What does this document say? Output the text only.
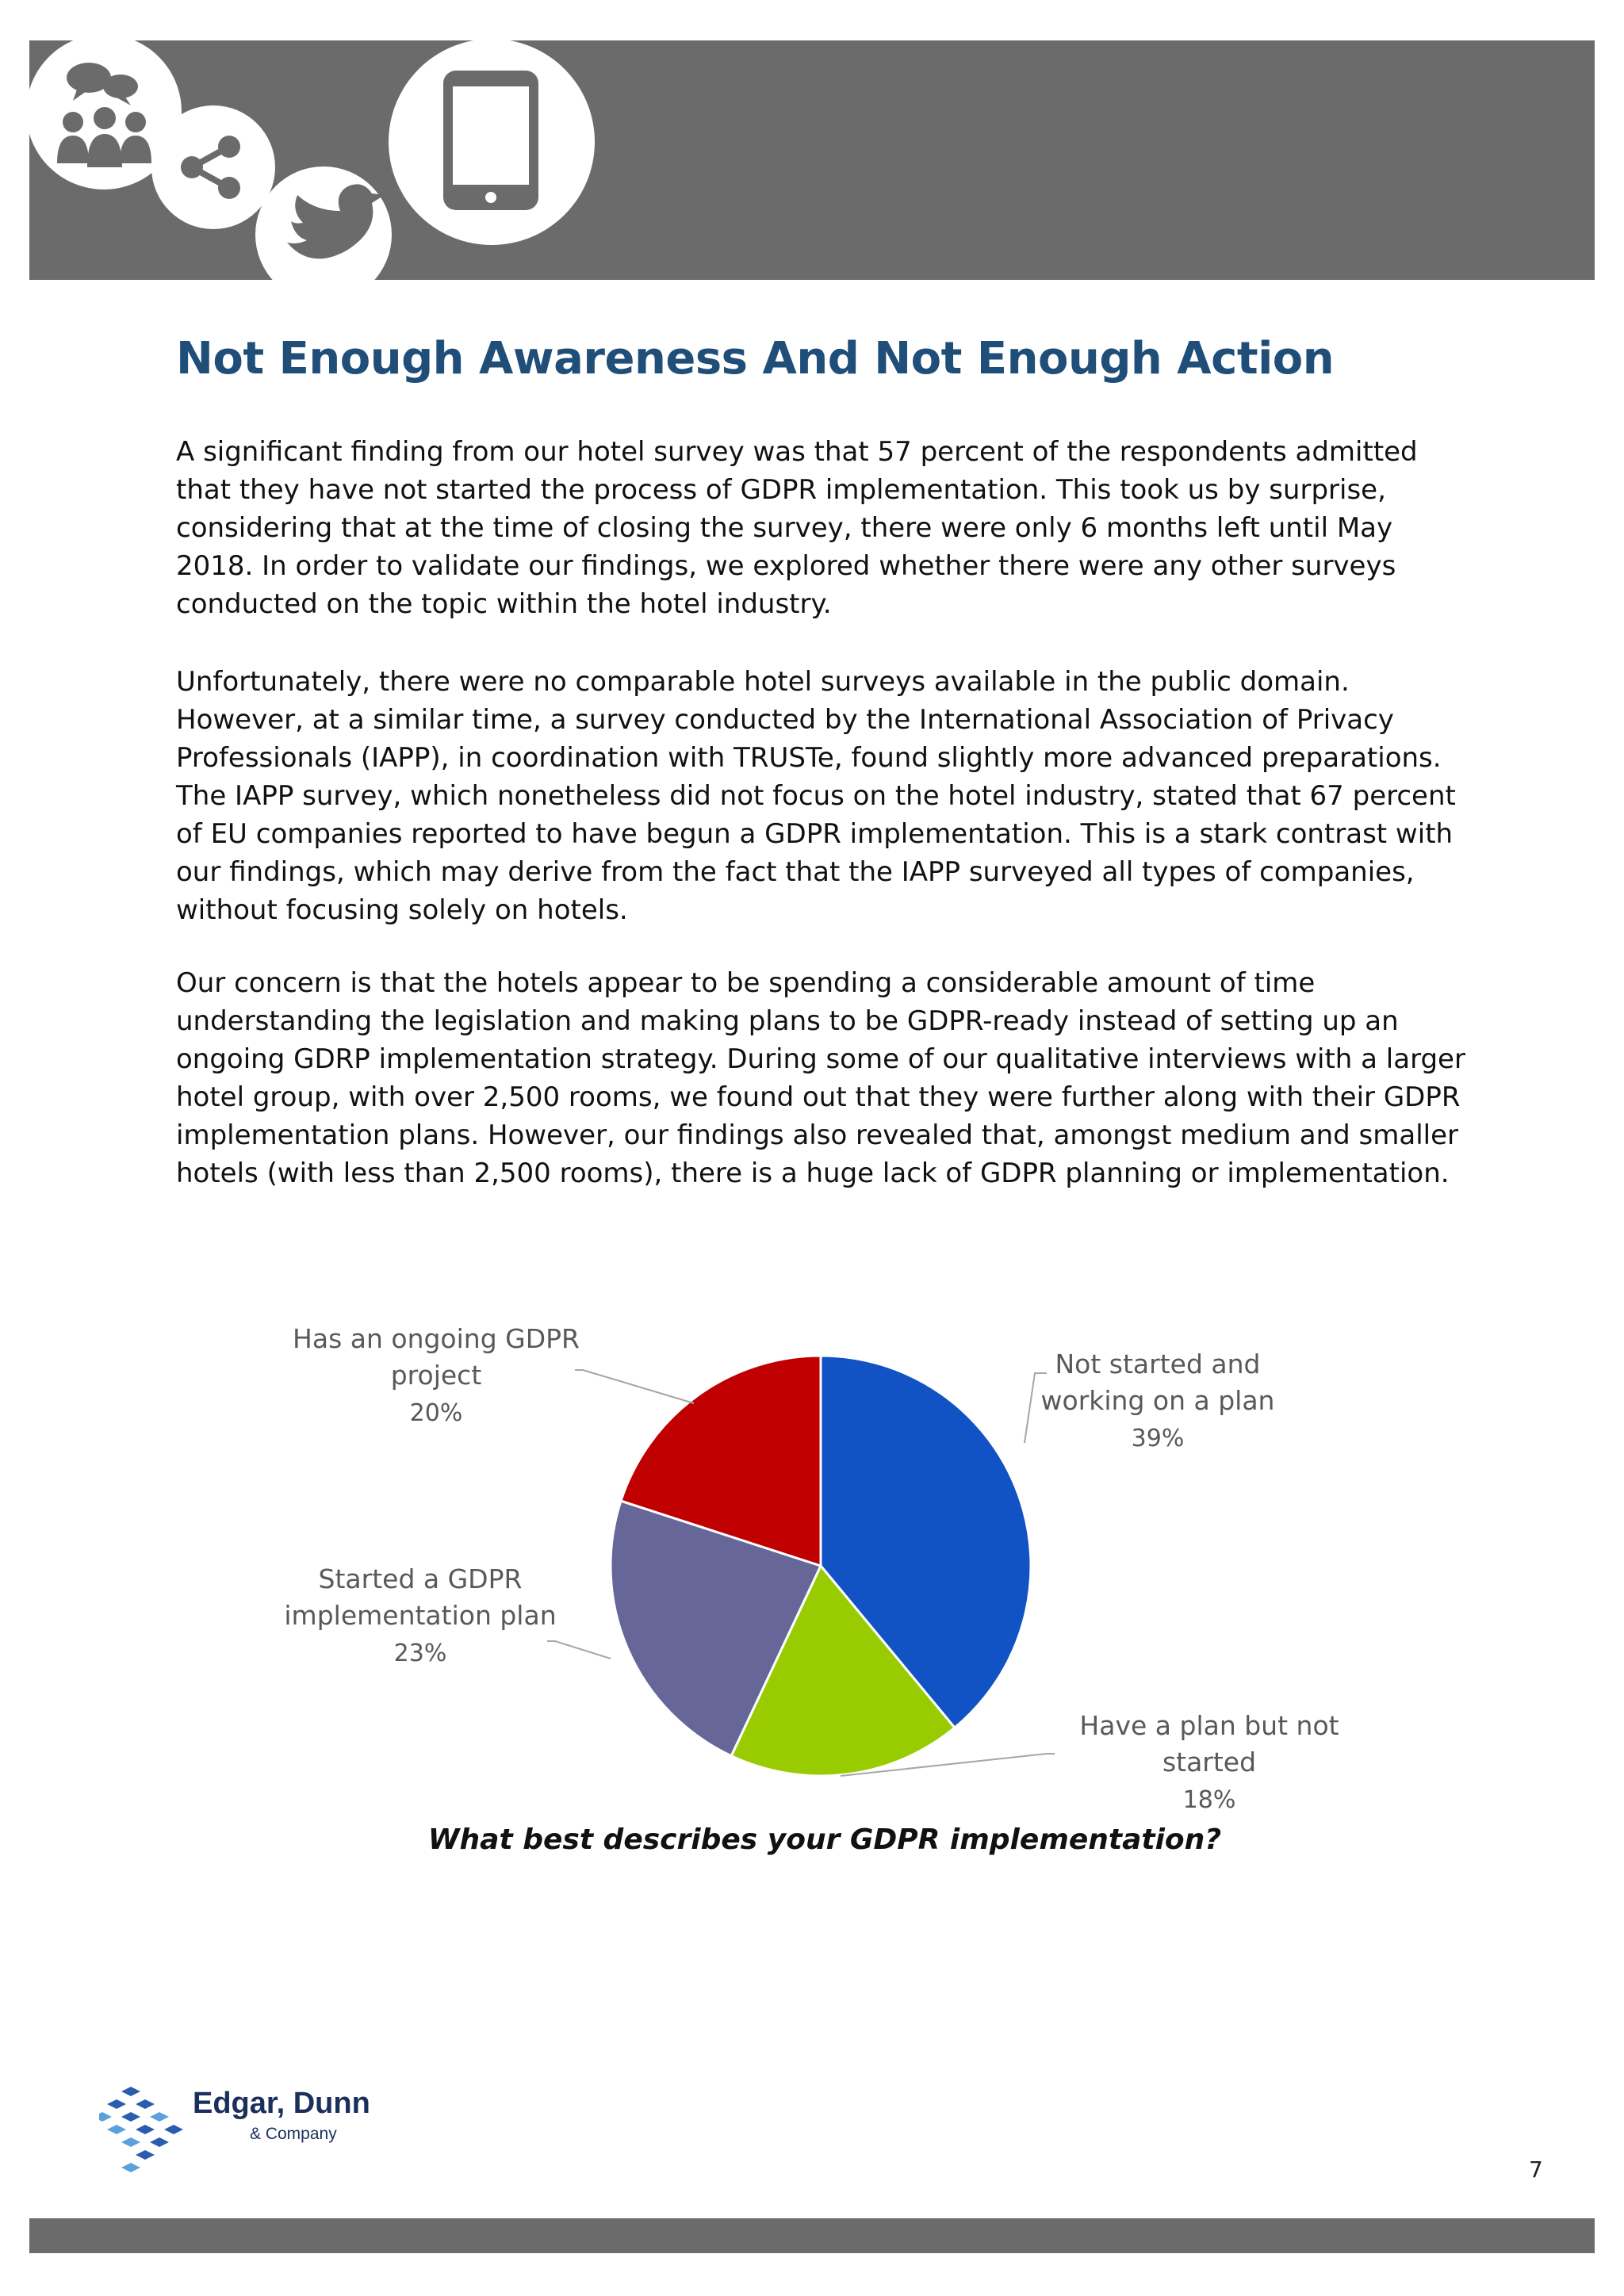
Not Enough Awareness And Not Enough Action

A significant finding from our hotel survey was that 57 percent of the respondents admitted that they have not started the process of GDPR implementation. This took us by surprise, considering that at the time of closing the survey, there were only 6 months left until May 2018. In order to validate our findings, we explored whether there were any other surveys conducted on the topic within the hotel industry.

Unfortunately, there were no comparable hotel surveys available in the public domain. However, at a similar time, a survey conducted by the International Association of Privacy Professionals (IAPP), in coordination with TRUSTe, found slightly more advanced preparations. The IAPP survey, which nonetheless did not focus on the hotel industry, stated that 67 percent of EU companies reported to have begun a GDPR implementation. This is a stark contrast with our findings, which may derive from the fact that the IAPP surveyed all types of companies, without focusing solely on hotels.

Our concern is that the hotels appear to be spending a considerable amount of time understanding the legislation and making plans to be GDPR-ready instead of setting up an ongoing GDRP implementation strategy. During some of our qualitative interviews with a larger hotel group, with over 2,500 rooms, we found out that they were further along with their GDPR implementation plans. However, our findings also revealed that, amongst medium and smaller hotels (with less than 2,500 rooms), there is a huge lack of GDPR planning or implementation.

Not started and
working on a plan
39%
Have a plan but not
started
18%
Started a GDPR
implementation plan
23%
Has an ongoing GDPR
project
20%
What best describes your GDPR implementation?
Edgar, Dunn
& Company
7
